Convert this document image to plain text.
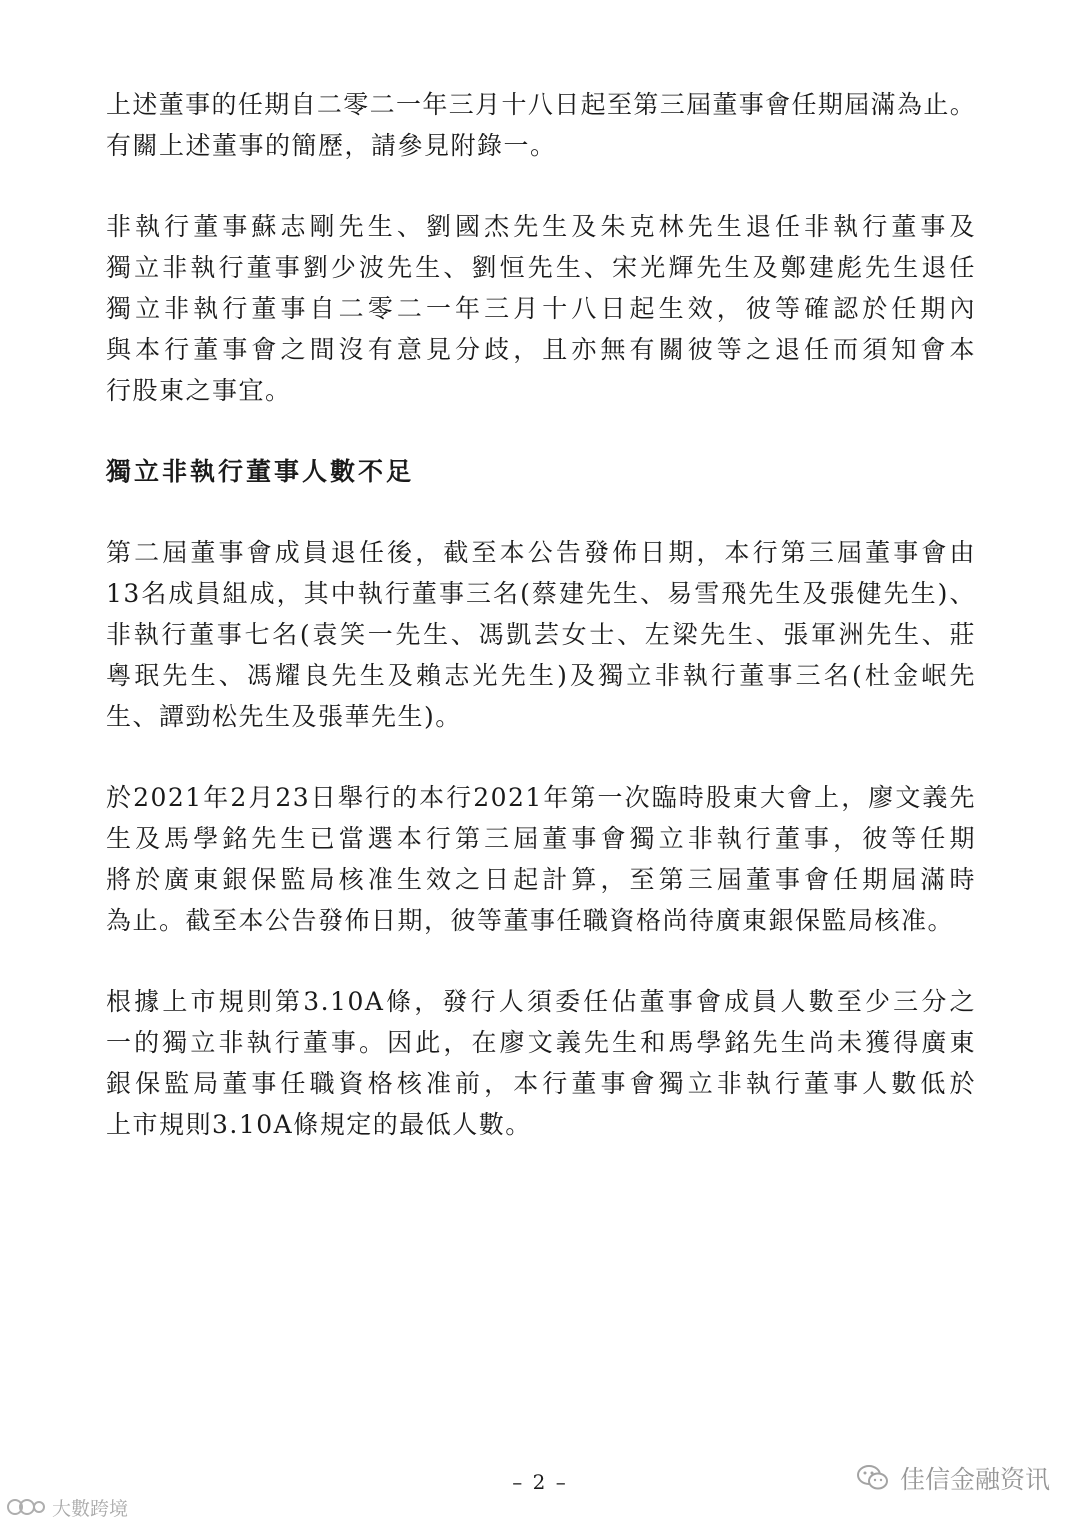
上述董事的任期自二零二一年三月十八日起至第三屆董事會任期屆滿為止。
有關上述董事的簡歷，請參見附錄一。

非執行董事蘇志剛先生、劉國杰先生及朱克林先生退任非執行董事及
獨立非執行董事劉少波先生、劉恒先生、宋光輝先生及鄭建彪先生退任
獨立非執行董事自二零二一年三月十八日起生效，彼等確認於任期內
與本行董事會之間沒有意見分歧，且亦無有關彼等之退任而須知會本
行股東之事宜。

獨立非執行董事人數不足

第二屆董事會成員退任後，截至本公告發佈日期，本行第三屆董事會由
13名成員組成，其中執行董事三名(蔡建先生、易雪飛先生及張健先生)、
非執行董事七名(袁笑一先生、馮凱芸女士、左梁先生、張軍洲先生、莊
粵珉先生、馮耀良先生及賴志光先生)及獨立非執行董事三名(杜金岷先
生、譚勁松先生及張華先生)。

於2021年2月23日舉行的本行2021年第一次臨時股東大會上，廖文義先
生及馬學銘先生已當選本行第三屆董事會獨立非執行董事，彼等任期
將於廣東銀保監局核准生效之日起計算，至第三屆董事會任期屆滿時
為止。截至本公告發佈日期，彼等董事任職資格尚待廣東銀保監局核准。

根據上市規則第3.10A條，發行人須委任佔董事會成員人數至少三分之
一的獨立非執行董事。因此，在廖文義先生和馬學銘先生尚未獲得廣東
銀保監局董事任職資格核准前，本行董事會獨立非執行董事人數低於
上市規則3.10A條規定的最低人數。

– 2 –
大數跨境
佳信金融资讯
